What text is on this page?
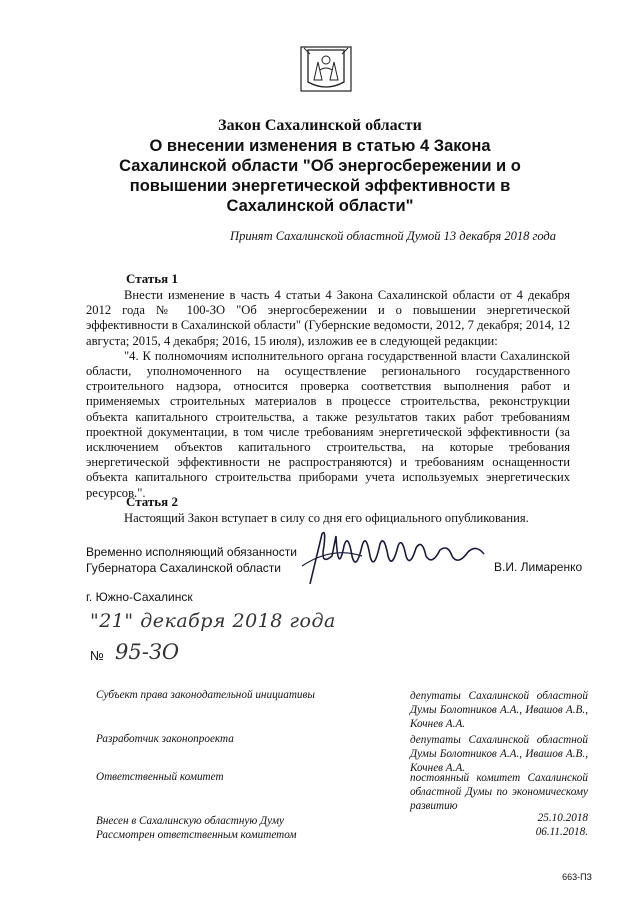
Закон Сахалинской области
О внесении изменения в статью 4 Закона
Сахалинской области "Об энергосбережении и о
повышении энергетической эффективности в
Сахалинской области"
Принят Сахалинской областной Думой 13 декабря 2018 года
Статья 1

Внести изменение в часть 4 статьи 4 Закона Сахалинской области от 4 декабря 2012 года № 100-ЗО "Об энергосбережении и о повышении энергетической эффективности в Сахалинской области" (Губернские ведомости, 2012, 7 декабря; 2014, 12 августа; 2015, 4 декабря; 2016, 15 июля), изложив ее в следующей редакции:

"4. К полномочиям исполнительного органа государственной власти Сахалинской области, уполномоченного на осуществление регионального государственного строительного надзора, относится проверка соответствия выполнения работ и применяемых строительных материалов в процессе строительства, реконструкции объекта капитального строительства, а также результатов таких работ требованиям проектной документации, в том числе требованиям энергетической эффективности (за исключением объектов капитального строительства, на которые требования энергетической эффективности не распространяются) и требованиям оснащенности объекта капитального строительства приборами учета используемых энергетических ресурсов.".

Статья 2

Настоящий Закон вступает в силу со дня его официального опубликования.

Временно исполняющий обязанности
Губернатора Сахалинской области	В.И. Лимаренко
г. Южно-Сахалинск
"21" декабря 2018 года
№ 95-ЗО
Субъект права законодательной инициативы	депутаты Сахалинской областной Думы Болотников А.А., Ивашов А.В., Кочнев А.А.
Разработчик законопроекта	депутаты Сахалинской областной Думы Болотников А.А., Ивашов А.В., Кочнев А.А.
Ответственный комитет	постоянный комитет Сахалинской областной Думы по экономическому развитию
Внесен в Сахалинскую областную Думу	25.10.2018
Рассмотрен ответственным комитетом	06.11.2018.
663-ПЗ
